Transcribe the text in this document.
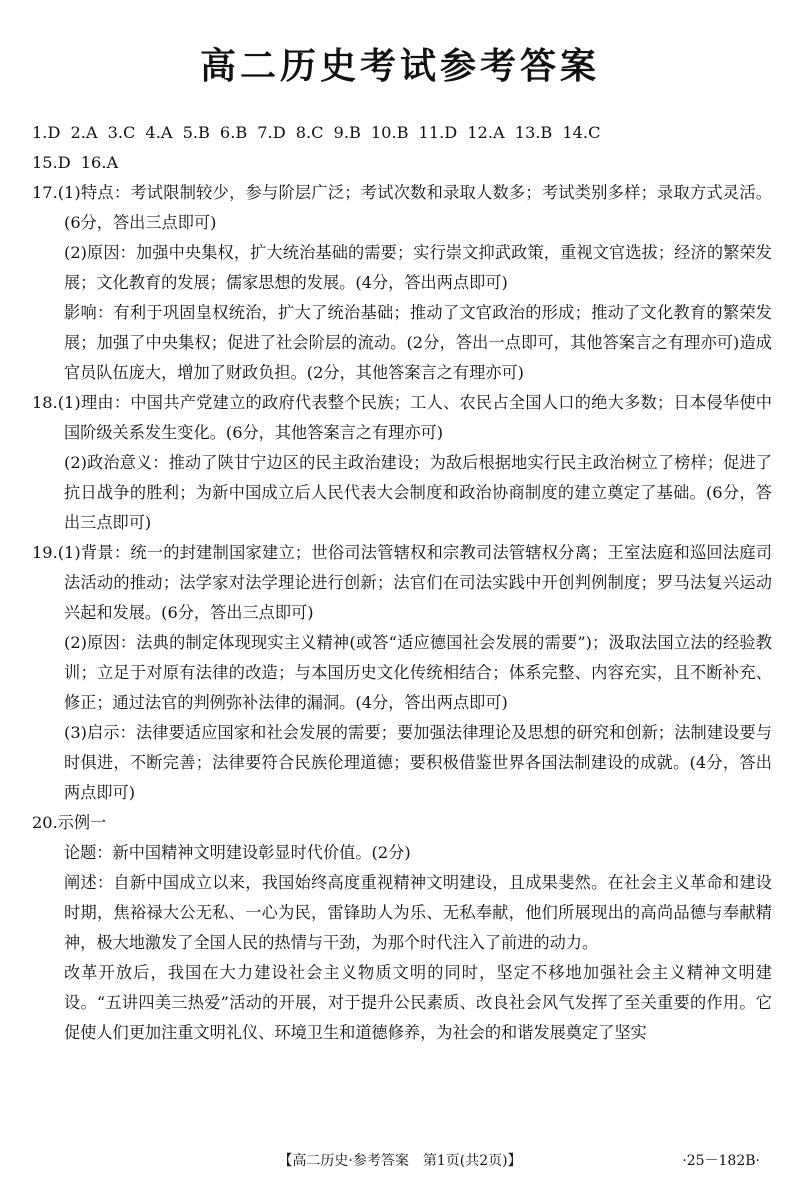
高二历史考试参考答案

1.D 2.A 3.C 4.A 5.B 6.B 7.D 8.C 9.B 10.B 11.D 12.A 13.B 14.C

15.D 16.A

17.(1)特点：考试限制较少，参与阶层广泛；考试次数和录取人数多；考试类别多样；录取方式灵活。(6分，答出三点即可)

(2)原因：加强中央集权，扩大统治基础的需要；实行崇文抑武政策，重视文官选拔；经济的繁荣发展；文化教育的发展；儒家思想的发展。(4分，答出两点即可)

影响：有利于巩固皇权统治，扩大了统治基础；推动了文官政治的形成；推动了文化教育的繁荣发展；加强了中央集权；促进了社会阶层的流动。(2分，答出一点即可，其他答案言之有理亦可)造成官员队伍庞大，增加了财政负担。(2分，其他答案言之有理亦可)

18.(1)理由：中国共产党建立的政府代表整个民族；工人、农民占全国人口的绝大多数；日本侵华使中国阶级关系发生变化。(6分，其他答案言之有理亦可)

(2)政治意义：推动了陕甘宁边区的民主政治建设；为敌后根据地实行民主政治树立了榜样；促进了抗日战争的胜利；为新中国成立后人民代表大会制度和政治协商制度的建立奠定了基础。(6分，答出三点即可)

19.(1)背景：统一的封建制国家建立；世俗司法管辖权和宗教司法管辖权分离；王室法庭和巡回法庭司法活动的推动；法学家对法学理论进行创新；法官们在司法实践中开创判例制度；罗马法复兴运动兴起和发展。(6分，答出三点即可)

(2)原因：法典的制定体现现实主义精神(或答“适应德国社会发展的需要”)；汲取法国立法的经验教训；立足于对原有法律的改造；与本国历史文化传统相结合；体系完整、内容充实，且不断补充、修正；通过法官的判例弥补法律的漏洞。(4分，答出两点即可)

(3)启示：法律要适应国家和社会发展的需要；要加强法律理论及思想的研究和创新；法制建设要与时俱进，不断完善；法律要符合民族伦理道德；要积极借鉴世界各国法制建设的成就。(4分，答出两点即可)

20.示例一

论题：新中国精神文明建设彰显时代价值。(2分)

阐述：自新中国成立以来，我国始终高度重视精神文明建设，且成果斐然。在社会主义革命和建设时期，焦裕禄大公无私、一心为民，雷锋助人为乐、无私奉献，他们所展现出的高尚品德与奉献精神，极大地激发了全国人民的热情与干劲，为那个时代注入了前进的动力。

改革开放后，我国在大力建设社会主义物质文明的同时，坚定不移地加强社会主义精神文明建设。“五讲四美三热爱”活动的开展，对于提升公民素质、改良社会风气发挥了至关重要的作用。它促使人们更加注重文明礼仪、环境卫生和道德修养，为社会的和谐发展奠定了坚实

【高二历史·参考答案　第1页(共2页)】	·25－182B·
